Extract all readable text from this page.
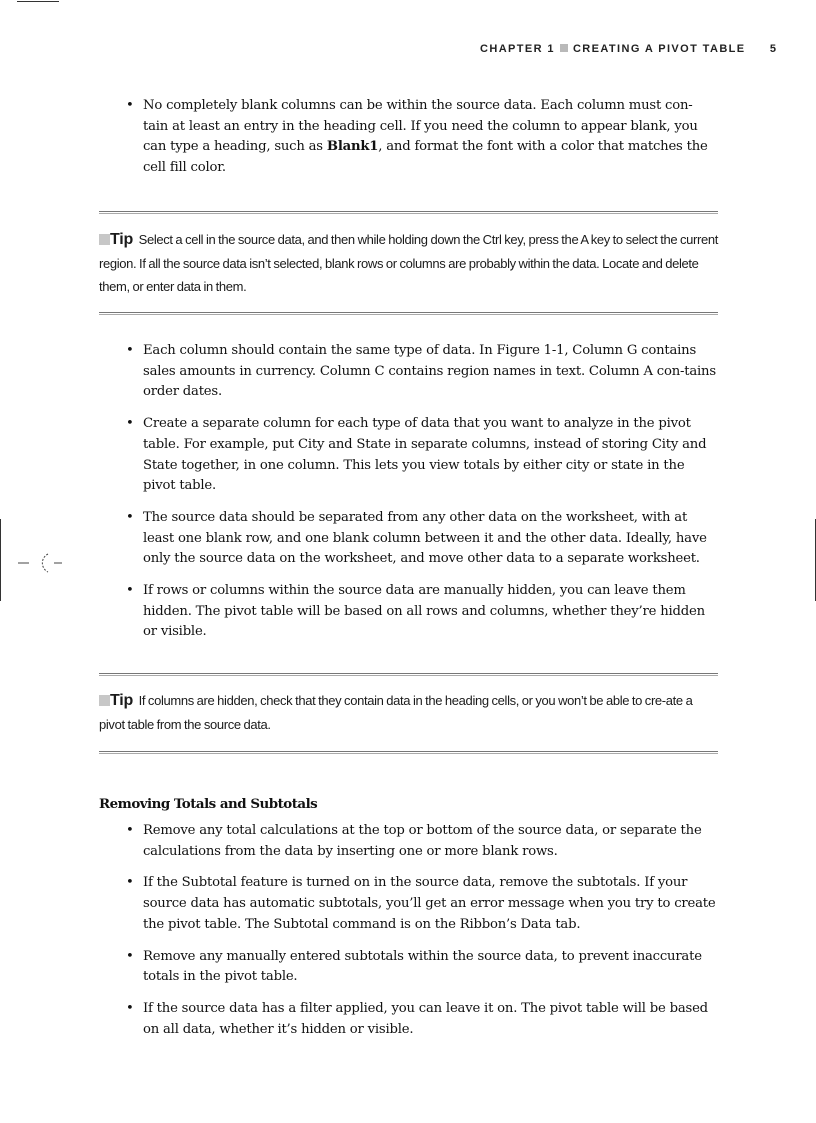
CHAPTER 1 CREATING A PIVOT TABLE 5
• No completely blank columns can be within the source data. Each column must con-tain at least an entry in the heading cell. If you need the column to appear blank, you can type a heading, such as Blank1, and format the font with a color that matches the cell fill color.
Tip Select a cell in the source data, and then while holding down the Ctrl key, press the A key to select the current region. If all the source data isn’t selected, blank rows or columns are probably within the data. Locate and delete them, or enter data in them.
• Each column should contain the same type of data. In Figure 1-1, Column G contains sales amounts in currency. Column C contains region names in text. Column A con-tains order dates.
• Create a separate column for each type of data that you want to analyze in the pivot table. For example, put City and State in separate columns, instead of storing City and State together, in one column. This lets you view totals by either city or state in the pivot table.
• The source data should be separated from any other data on the worksheet, with at least one blank row, and one blank column between it and the other data. Ideally, have only the source data on the worksheet, and move other data to a separate worksheet.
• If rows or columns within the source data are manually hidden, you can leave them hidden. The pivot table will be based on all rows and columns, whether they’re hidden or visible.
Tip If columns are hidden, check that they contain data in the heading cells, or you won’t be able to cre-ate a pivot table from the source data.
Removing Totals and Subtotals
• Remove any total calculations at the top or bottom of the source data, or separate the calculations from the data by inserting one or more blank rows.
• If the Subtotal feature is turned on in the source data, remove the subtotals. If your source data has automatic subtotals, you’ll get an error message when you try to create the pivot table. The Subtotal command is on the Ribbon’s Data tab.
• Remove any manually entered subtotals within the source data, to prevent inaccurate totals in the pivot table.
• If the source data has a filter applied, you can leave it on. The pivot table will be based on all data, whether it’s hidden or visible.
